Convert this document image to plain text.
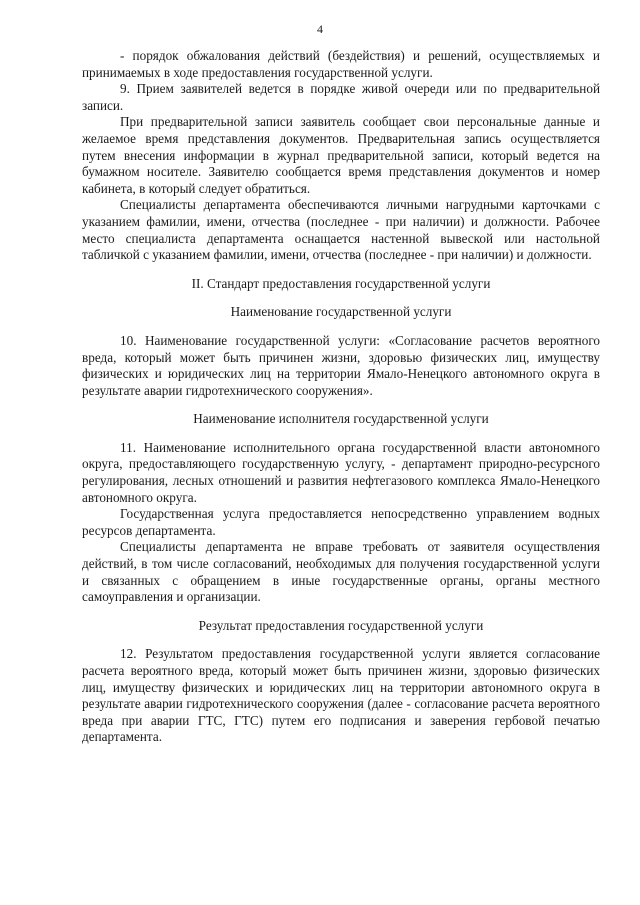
4

- порядок обжалования действий (бездействия) и решений, осуществляемых и принимаемых в ходе предоставления государственной услуги.

9. Прием заявителей ведется в порядке живой очереди или по предварительной записи.

При предварительной записи заявитель сообщает свои персональные данные и желаемое время представления документов. Предварительная запись осуществляется путем внесения информации в журнал предварительной записи, который ведется на бумажном носителе. Заявителю сообщается время представления документов и номер кабинета, в который следует обратиться.

Специалисты департамента обеспечиваются личными нагрудными карточками с указанием фамилии, имени, отчества (последнее - при наличии) и должности. Рабочее место специалиста департамента оснащается настенной вывеской или настольной табличкой с указанием фамилии, имени, отчества (последнее - при наличии) и должности.

II. Стандарт предоставления государственной услуги

Наименование государственной услуги

10. Наименование государственной услуги: «Согласование расчетов вероятного вреда, который может быть причинен жизни, здоровью физических лиц, имуществу физических и юридических лиц на территории Ямало-Ненецкого автономного округа в результате аварии гидротехнического сооружения».

Наименование исполнителя государственной услуги

11. Наименование исполнительного органа государственной власти автономного округа, предоставляющего государственную услугу, - департамент природно-ресурсного регулирования, лесных отношений и развития нефтегазового комплекса Ямало-Ненецкого автономного округа.

Государственная услуга предоставляется непосредственно управлением водных ресурсов департамента.

Специалисты департамента не вправе требовать от заявителя осуществления действий, в том числе согласований, необходимых для получения государственной услуги и связанных с обращением в иные государственные органы, органы местного самоуправления и организации.

Результат предоставления государственной услуги

12. Результатом предоставления государственной услуги является согласование расчета вероятного вреда, который может быть причинен жизни, здоровью физических лиц, имуществу физических и юридических лиц на территории автономного округа в результате аварии гидротехнического сооружения (далее - согласование расчета вероятного вреда при аварии ГТС, ГТС) путем его подписания и заверения гербовой печатью департамента.
